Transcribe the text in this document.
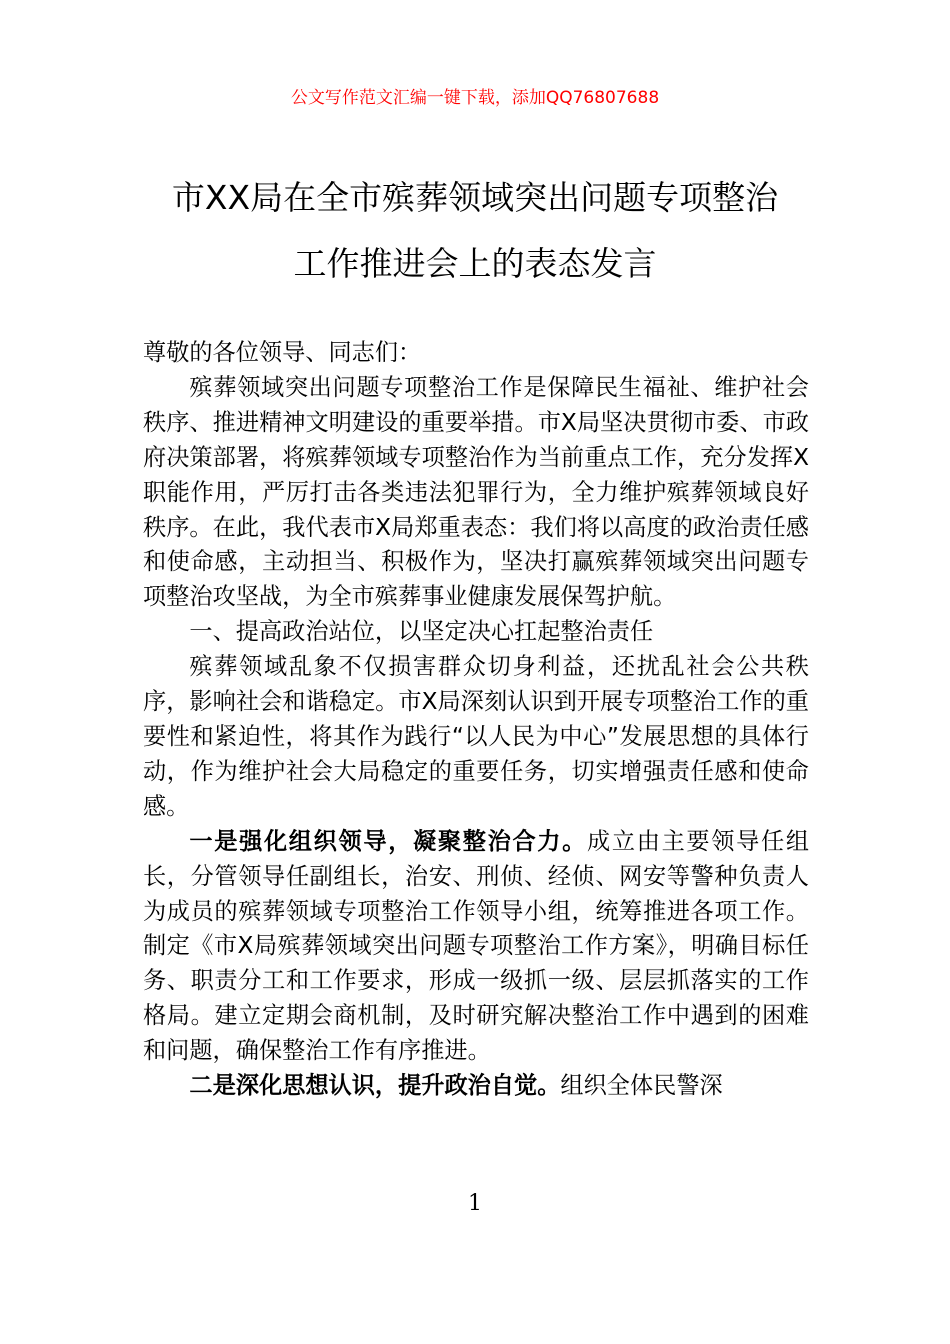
公文写作范文汇编一键下载，添加QQ76807688
市XX局在全市殡葬领域突出问题专项整治
工作推进会上的表态发言

尊敬的各位领导、同志们：

殡葬领域突出问题专项整治工作是保障民生福祉、维护社会秩序、推进精神文明建设的重要举措。市X局坚决贯彻市委、市政府决策部署，将殡葬领域专项整治作为当前重点工作，充分发挥X职能作用，严厉打击各类违法犯罪行为，全力维护殡葬领域良好秩序。在此，我代表市X局郑重表态：我们将以高度的政治责任感和使命感，主动担当、积极作为，坚决打赢殡葬领域突出问题专项整治攻坚战，为全市殡葬事业健康发展保驾护航。

一、提高政治站位，以坚定决心扛起整治责任

殡葬领域乱象不仅损害群众切身利益，还扰乱社会公共秩序，影响社会和谐稳定。市X局深刻认识到开展专项整治工作的重要性和紧迫性，将其作为践行“以人民为中心”发展思想的具体行动，作为维护社会大局稳定的重要任务，切实增强责任感和使命感。

一是强化组织领导，凝聚整治合力。成立由主要领导任组长，分管领导任副组长，治安、刑侦、经侦、网安等警种负责人为成员的殡葬领域专项整治工作领导小组，统筹推进各项工作。制定《市X局殡葬领域突出问题专项整治工作方案》，明确目标任务、职责分工和工作要求，形成一级抓一级、层层抓落实的工作格局。建立定期会商机制，及时研究解决整治工作中遇到的困难和问题，确保整治工作有序推进。

二是深化思想认识，提升政治自觉。组织全体民警深

1
